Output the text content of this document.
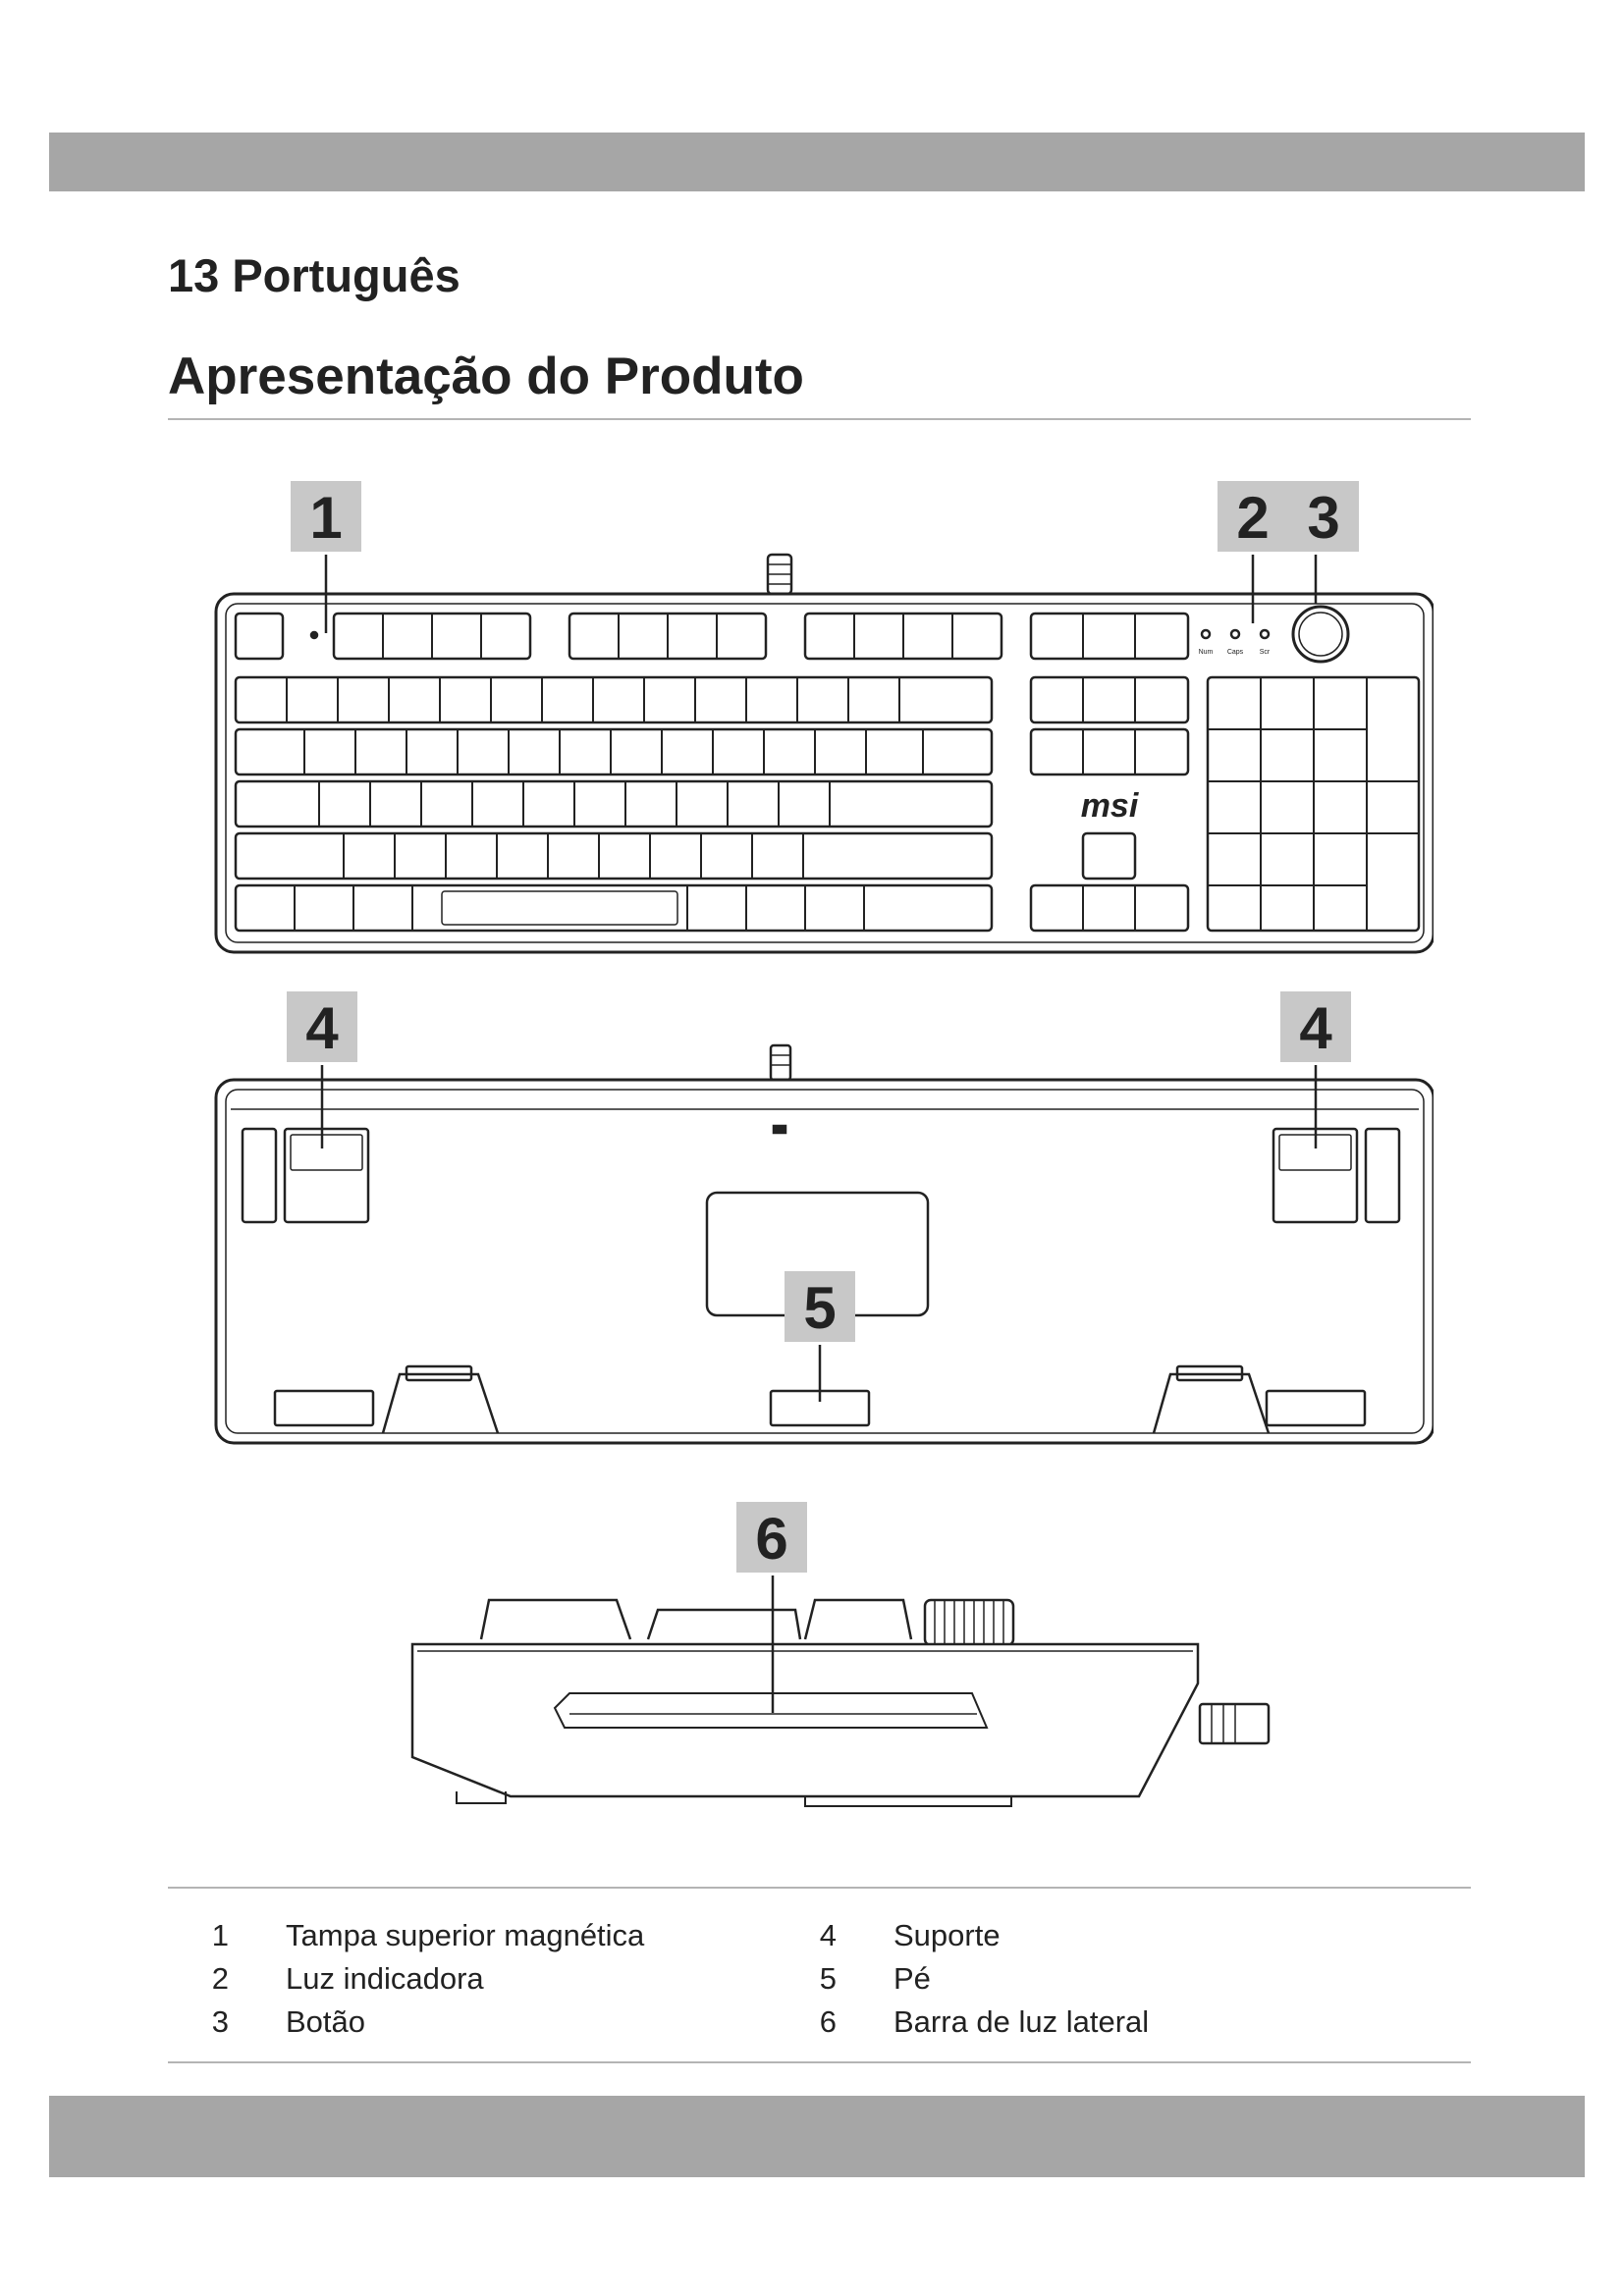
13 Português
Apresentação do Produto
msi
Num Caps Scr
1	2 3
4	4
5
6
1	Tampa superior magnética
2	Luz indicadora
3	Botão
4	Suporte
5	Pé
6	Barra de luz lateral
